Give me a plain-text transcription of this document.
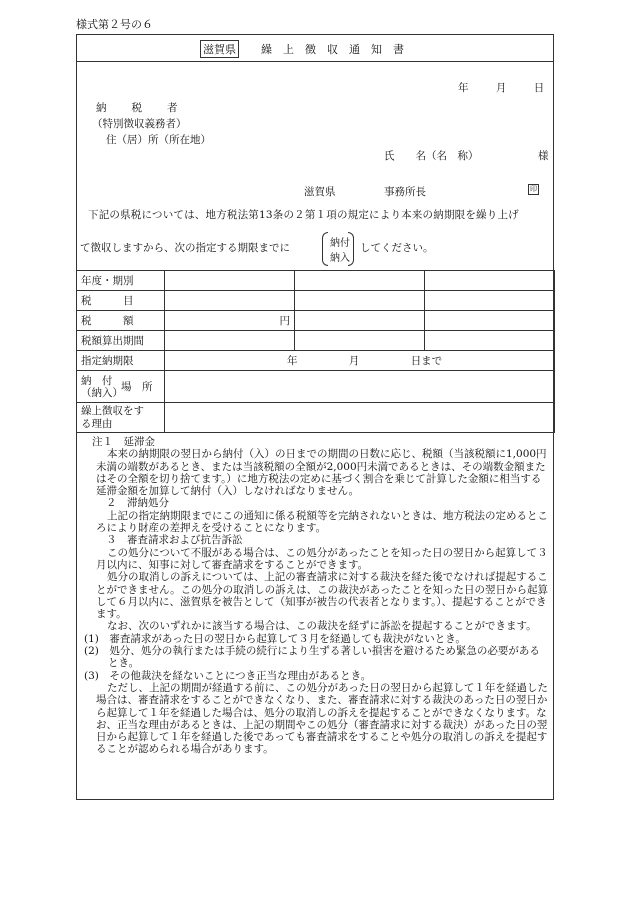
様式第２号の６
滋賀県 繰上徴収通知書
年	月	日
納税者
（特別徴収義務者）
住（居）所（所在地）
氏　　名（名　称）	様
滋賀県	事務所長	印
下記の県税については、地方税法第13条の２第１項の規定により本来の納期限を繰り上げ
て徴収しますから、次の指定する期限までに	納付
納入
してください。
年度・期別			
税　　　目			
税　　　額	円		
税額算出期間			
指定納期限	年 月 日まで		
納　付
（納入）
場　所			

繰上徴収をす
る理由			

注１　延滞金

本来の納期限の翌日から納付（入）の日までの期間の日数に応じ、税額（当該税額に1,000円未満の端数があるとき、または当該税額の全額が2,000円未満であるときは、その端数金額またはその全額を切り捨てます。）に地方税法の定めに基づく割合を乗じて計算した金額に相当する延滞金額を加算して納付（入）しなければなりません。

２　滞納処分

上記の指定納期限までにこの通知に係る税額等を完納されないときは、地方税法の定めるところにより財産の差押えを受けることになります。

３　審査請求および抗告訴訟

この処分について不服がある場合は、この処分があったことを知った日の翌日から起算して３月以内に、知事に対して審査請求をすることができます。

処分の取消しの訴えについては、上記の審査請求に対する裁決を経た後でなければ提起することができません。この処分の取消しの訴えは、この裁決があったことを知った日の翌日から起算して６月以内に、滋賀県を被告として（知事が被告の代表者となります。）、提起することができます。

なお、次のいずれかに該当する場合は、この裁決を経ずに訴訟を提起することができます。

(1)　審査請求があった日の翌日から起算して３月を経過しても裁決がないとき。

(2)　処分、処分の執行または手続の続行により生ずる著しい損害を避けるため緊急の必要があるとき。

(3)　その他裁決を経ないことにつき正当な理由があるとき。

ただし、上記の期間が経過する前に、この処分があった日の翌日から起算して１年を経過した場合は、審査請求をすることができなくなり、また、審査請求に対する裁決のあった日の翌日から起算して１年を経過した場合は、処分の取消しの訴えを提起することができなくなります。なお、正当な理由があるときは、上記の期間やこの処分（審査請求に対する裁決）があった日の翌日から起算して１年を経過した後であっても審査請求をすることや処分の取消しの訴えを提起することが認められる場合があります。
